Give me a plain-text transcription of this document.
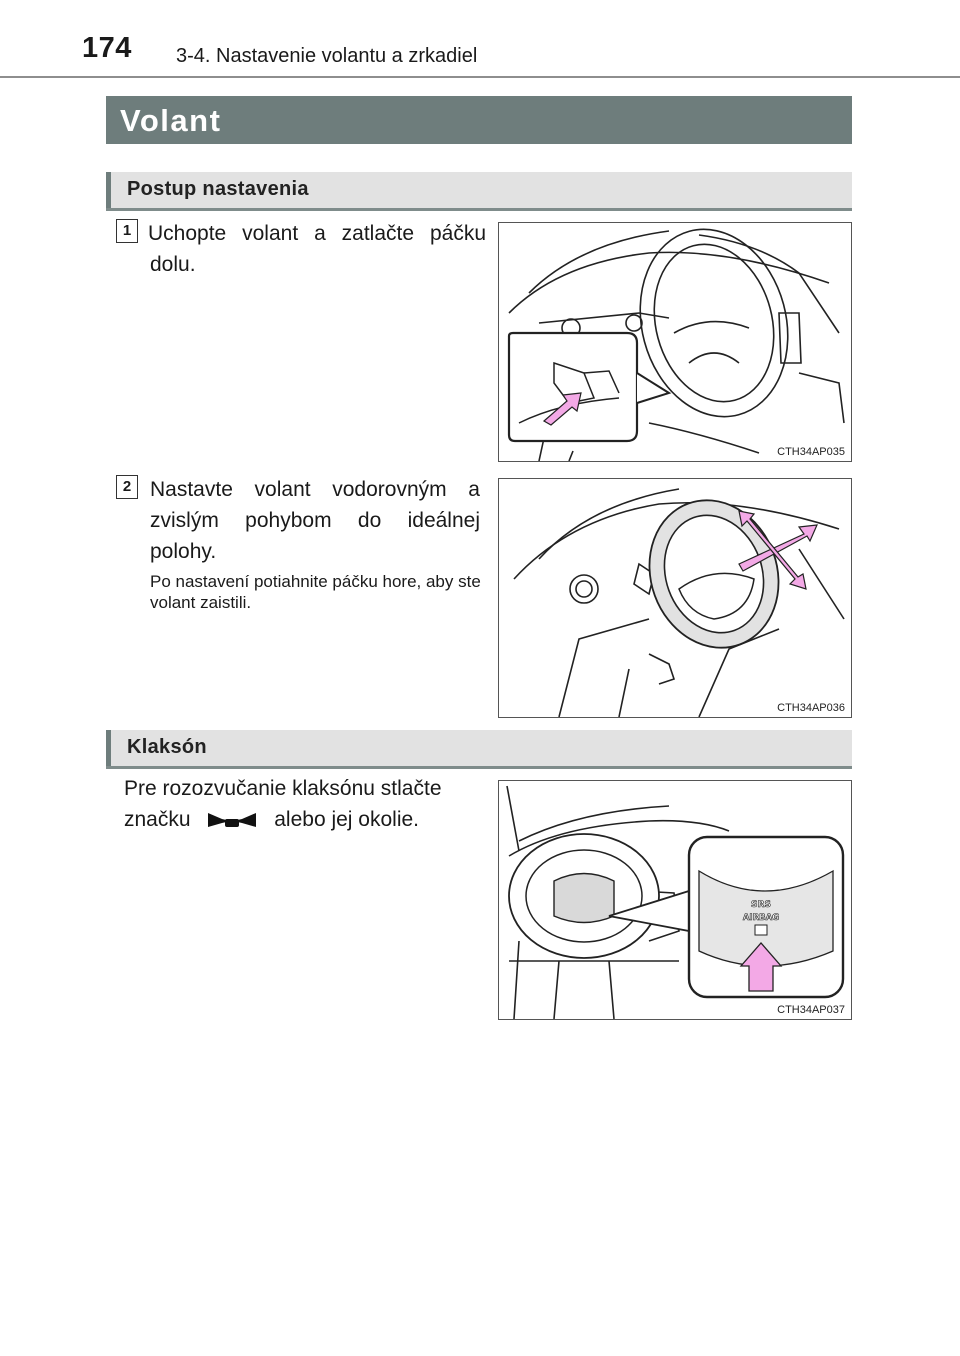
174 3-4. Nastavenie volantu a zrkadiel
Volant
Postup nastavenia
1 Uchopte volant a zatlačte páčku dolu.
CTH34AP035
2 Nastavte volant vodorovným a zvislým pohybom do ideálnej polohy.
Po nastavení potiahnite páčku hore, aby ste volant zaistili.
CTH34AP036
Klaksón
Pre rozozvučanie klaksónu stlačte značku	alebo jej okolie.
SRS
AIRBAG
CTH34AP037
